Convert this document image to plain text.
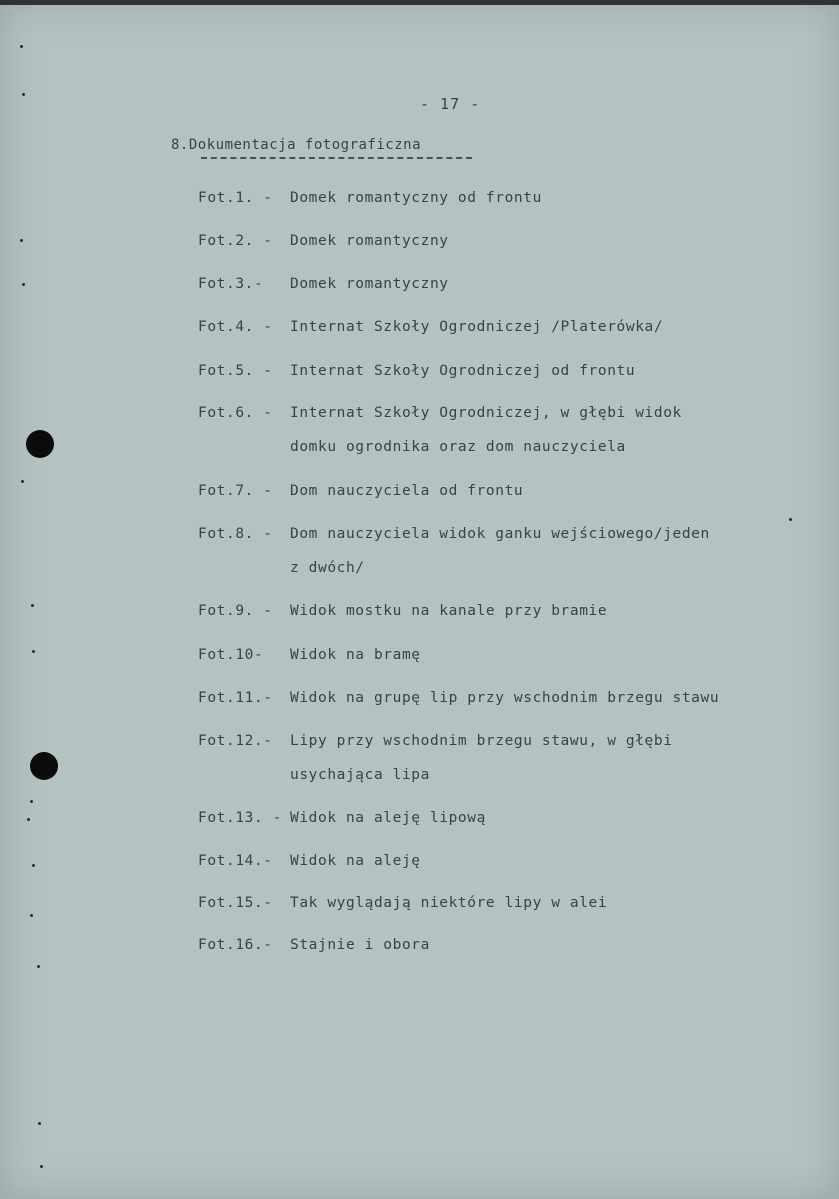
- 17 -
8.Dokumentacja fotograficzna
Fot.1. - Domek romantyczny od frontu
Fot.2. - Domek romantyczny
Fot.3.- Domek romantyczny
Fot.4. - Internat Szkoły Ogrodniczej /Platerówka/
Fot.5. - Internat Szkoły Ogrodniczej od frontu
Fot.6. - Internat Szkoły Ogrodniczej, w głębi widok
domku ogrodnika oraz dom nauczyciela
Fot.7. - Dom nauczyciela od frontu
Fot.8. - Dom nauczyciela widok ganku wejściowego/jeden
z dwóch/
Fot.9. - Widok mostku na kanale przy bramie
Fot.10- Widok na bramę
Fot.11.- Widok na grupę lip przy wschodnim brzegu stawu
Fot.12.- Lipy przy wschodnim brzegu stawu, w głębi
usychająca lipa
Fot.13. - Widok na aleję lipową
Fot.14.- Widok na aleję
Fot.15.- Tak wyglądają niektóre lipy w alei
Fot.16.- Stajnie i obora
